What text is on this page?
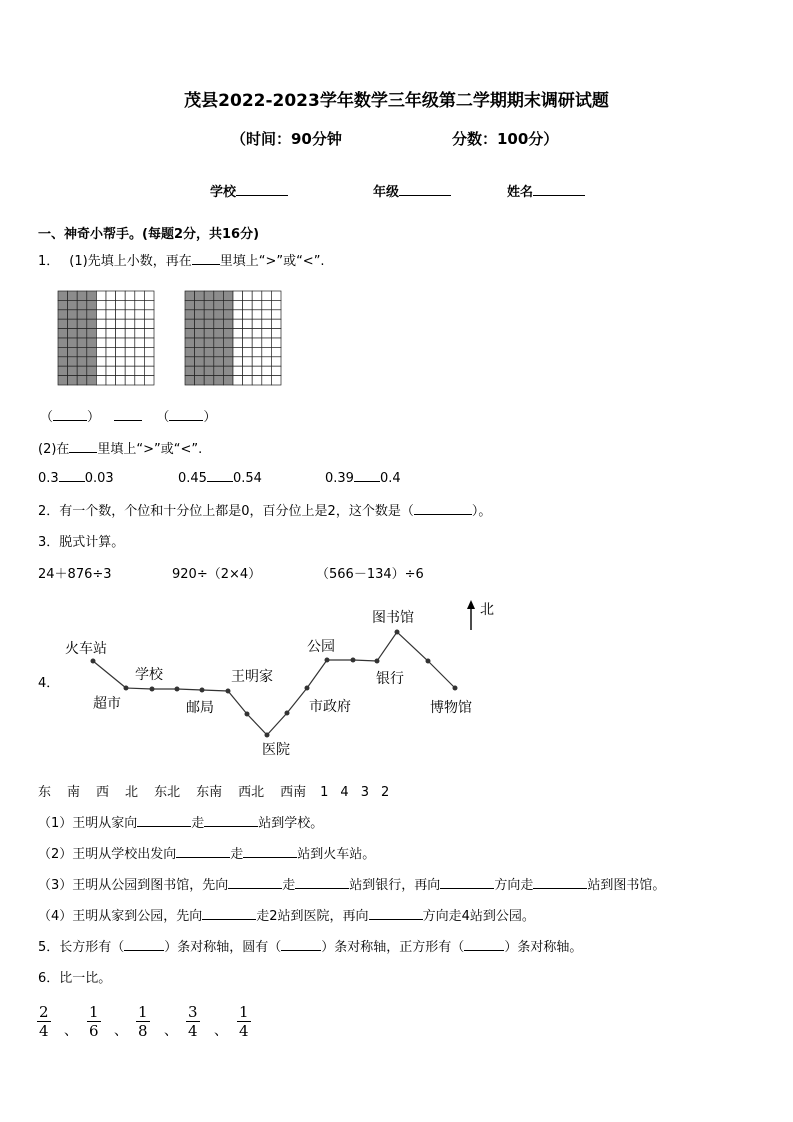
茂县2022-2023学年数学三年级第二学期期末调研试题
（时间：90分钟	分数：100分）
学校	年级	姓名
一、神奇小帮手。(每题2分，共16分)
1． (1)先填上小数，再在 里填上“>”或“<”.
（	）	（	）
(2)在 里填上“>”或“<”.
0.3 0.03	0.45 0.54	0.39 0.4
2．有一个数，个位和十分位上都是0，百分位上是2，这个数是（	）。
3．脱式计算。
24＋876÷3	920÷（2×4）	（566－134）÷6
4．
火车站
学校
超市	邮局
王明家
医院
公园
市政府
图书馆
银行
博物馆
北
东 南 西 北 东北 东南 西北 西南 1 4 3 2
（1）王明从家向	走	站到学校。
（2）王明从学校出发向	走	站到火车站。
（3）王明从公园到图书馆，先向	走	站到银行，再向	方向走	站到图书馆。
（4）王明从家到公园，先向	走2站到医院，再向	方向走4站到公园。
5．长方形有（	）条对称轴，圆有（	）条对称轴，正方形有（	）条对称轴。
6．比一比。
$\frac{2}{4}$ 、 $\frac{1}{6}$ 、 $\frac{1}{8}$ 、 $\frac{3}{4}$ 、 $\frac{1}{4}$
